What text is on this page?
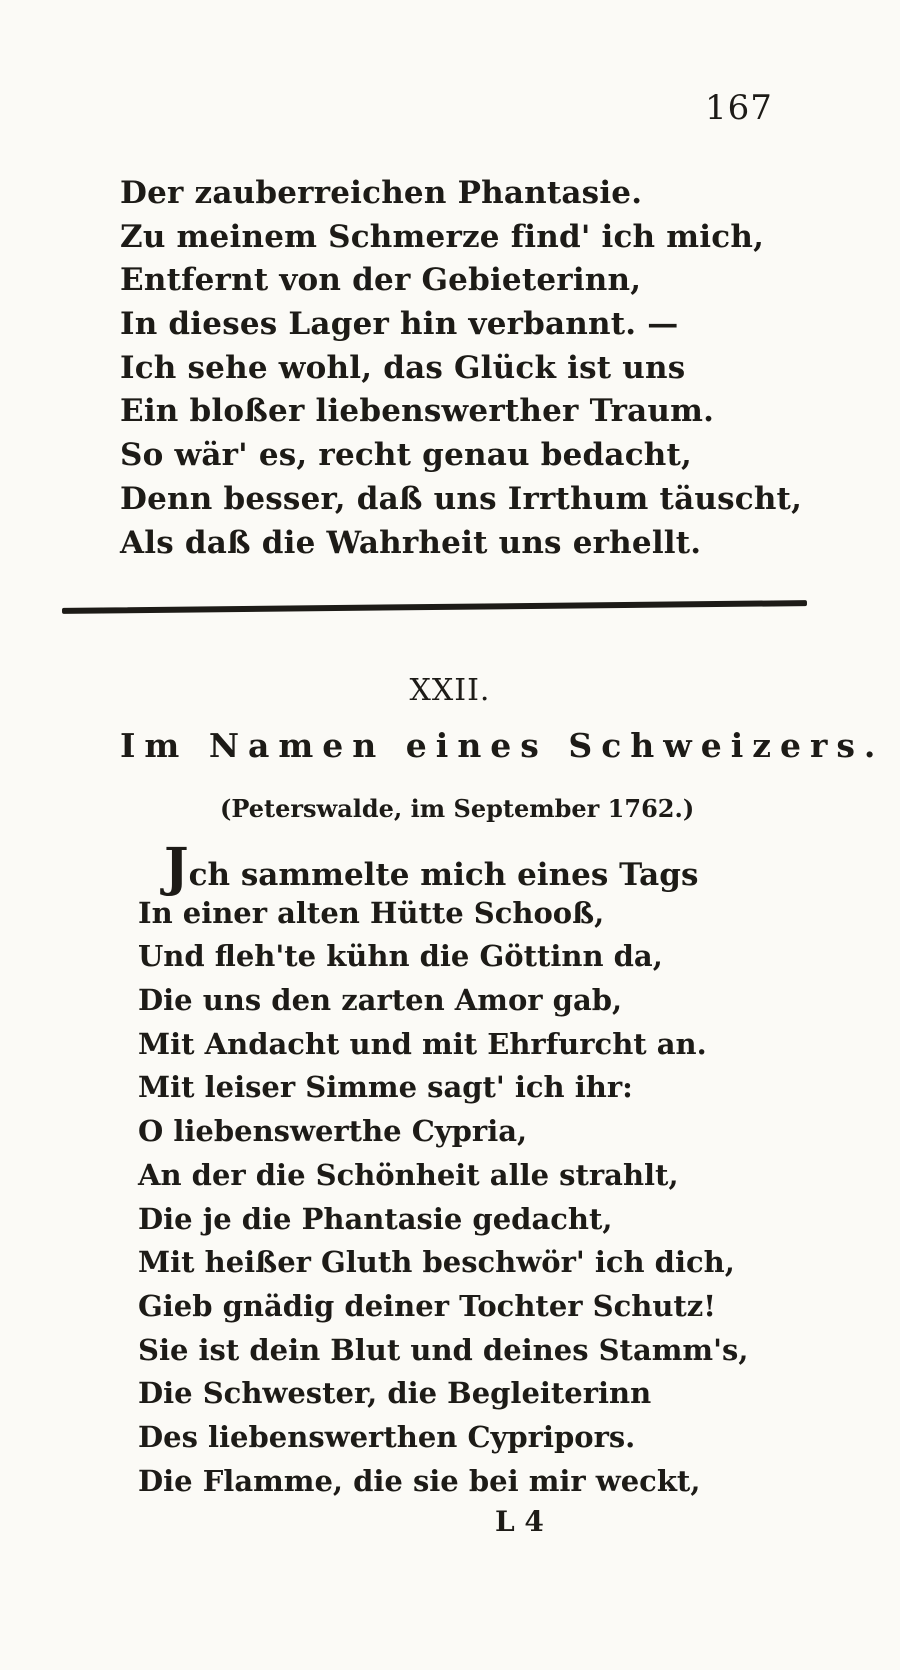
167
Der zauberreichen Phantasie.
Zu meinem Schmerze find' ich mich,
Entfernt von der Gebieterinn,
In dieses Lager hin verbannt. —
Ich sehe wohl, das Glück ist uns
Ein bloßer liebenswerther Traum.
So wär' es, recht genau bedacht,
Denn besser, daß uns Irrthum täuscht,
Als daß die Wahrheit uns erhellt.
XXII.
Im Namen eines Schweizers.
(Peterswalde, im September 1762.)
Jch sammelte mich eines Tags
In einer alten Hütte Schooß,
Und fleh'te kühn die Göttinn da,
Die uns den zarten Amor gab,
Mit Andacht und mit Ehrfurcht an.
Mit leiser Simme sagt' ich ihr:
O liebenswerthe Cypria,
An der die Schönheit alle strahlt,
Die je die Phantasie gedacht,
Mit heißer Gluth beschwör' ich dich,
Gieb gnädig deiner Tochter Schutz!
Sie ist dein Blut und deines Stamm's,
Die Schwester, die Begleiterinn
Des liebenswerthen Cypripors.
Die Flamme, die sie bei mir weckt,
L 4
